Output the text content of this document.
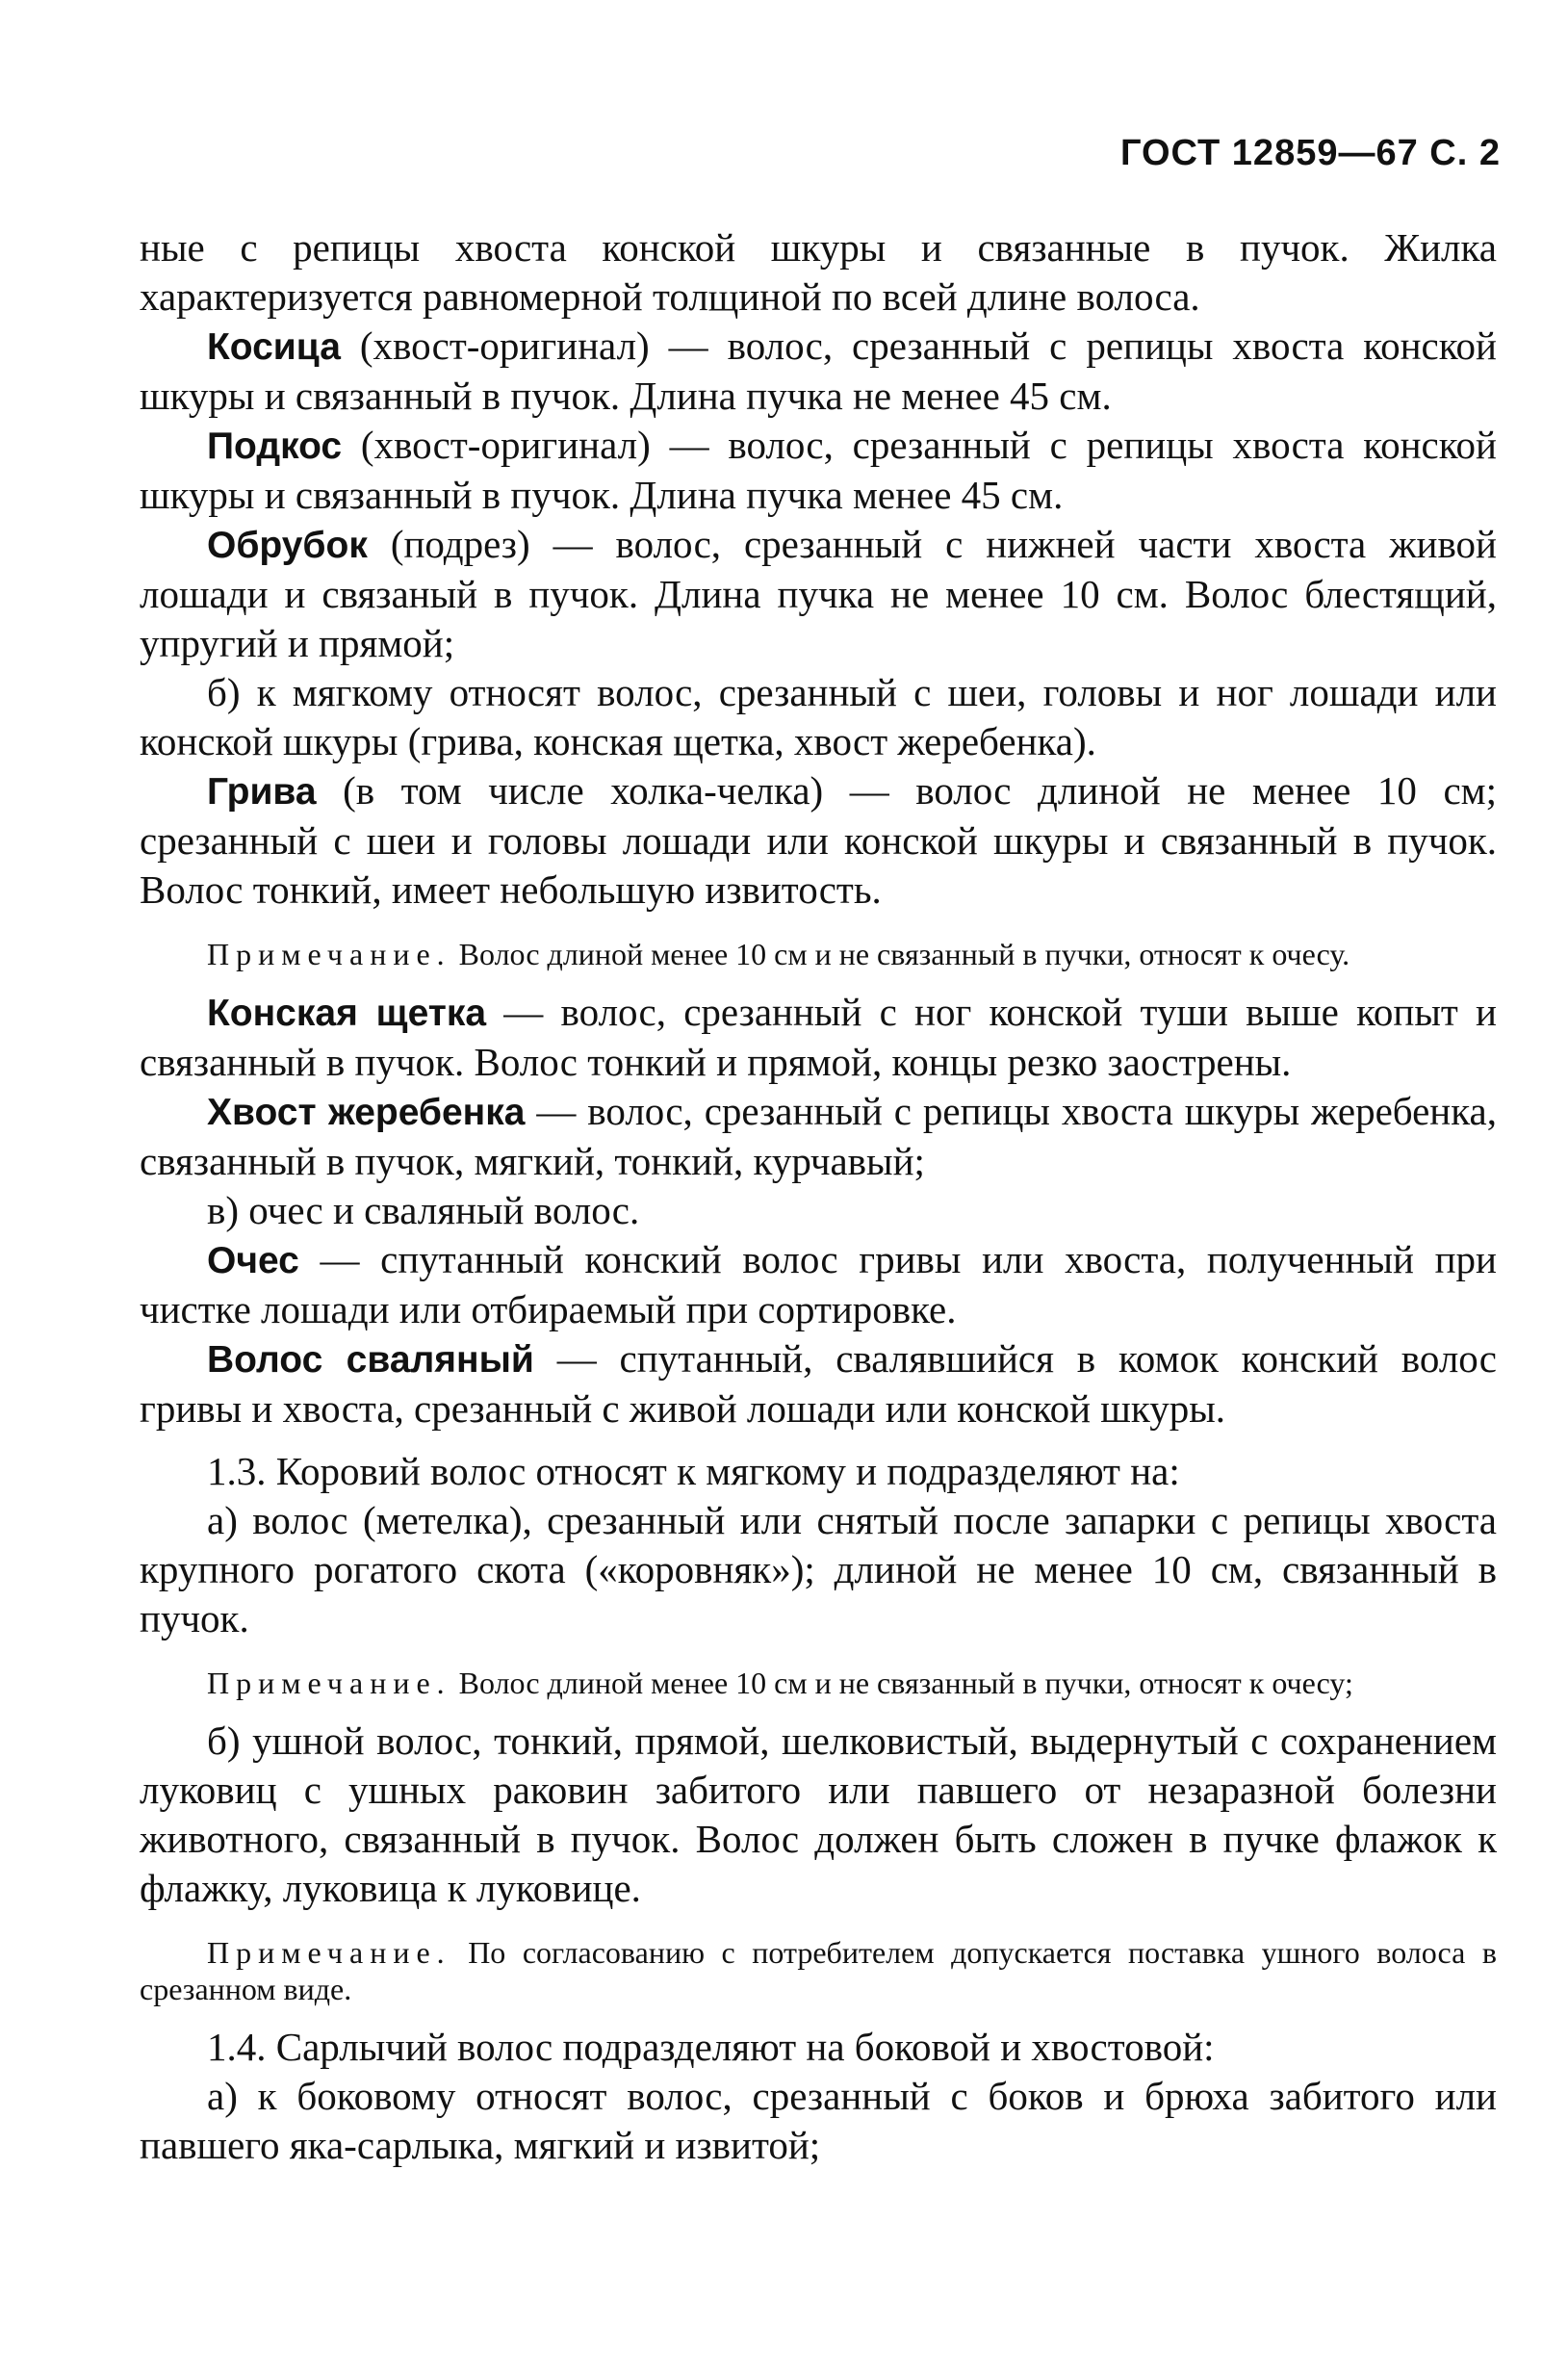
ГОСТ 12859—67 С. 2

ные с репицы хвоста конской шкуры и связанные в пучок. Жилка характеризуется равномерной толщиной по всей длине волоса.

Косица (хвост-оригинал) — волос, срезанный с репицы хвоста конской шкуры и связанный в пучок. Длина пучка не менее 45 см.

Подкос (хвост-оригинал) — волос, срезанный с репицы хвоста конской шкуры и связанный в пучок. Длина пучка менее 45 см.

Обрубок (подрез) — волос, срезанный с нижней части хвоста живой лошади и связаный в пучок. Длина пучка не менее 10 см. Волос блестящий, упругий и прямой;

б) к мягкому относят волос, срезанный с шеи, головы и ног лошади или конской шкуры (грива, конская щетка, хвост жеребенка).

Грива (в том числе холка-челка) — волос длиной не менее 10 см; срезанный с шеи и головы лошади или конской шкуры и связанный в пучок. Волос тонкий, имеет небольшую извитость.

Примечание. Волос длиной менее 10 см и не связанный в пучки, относят к очесу.

Конская щетка — волос, срезанный с ног конской туши выше копыт и связанный в пучок. Волос тонкий и прямой, концы резко заострены.

Хвост жеребенка — волос, срезанный с репицы хвоста шкуры жеребенка, связанный в пучок, мягкий, тонкий, курчавый;

в) очес и сваляный волос.

Очес — спутанный конский волос гривы или хвоста, полученный при чистке лошади или отбираемый при сортировке.

Волос сваляный — спутанный, свалявшийся в комок конский волос гривы и хвоста, срезанный с живой лошади или конской шкуры.

1.3. Коровий волос относят к мягкому и подразделяют на:

а) волос (метелка), срезанный или снятый после запарки с репицы хвоста крупного рогатого скота («коровняк»); длиной не менее 10 см, связанный в пучок.

Примечание. Волос длиной менее 10 см и не связанный в пучки, относят к очесу;

б) ушной волос, тонкий, прямой, шелковистый, выдернутый с сохранением луковиц с ушных раковин забитого или павшего от незаразной болезни животного, связанный в пучок. Волос должен быть сложен в пучке флажок к флажку, луковица к луковице.

Примечание. По согласованию с потребителем допускается поставка ушного волоса в срезанном виде.

1.4. Сарлычий волос подразделяют на боковой и хвостовой:

а) к боковому относят волос, срезанный с боков и брюха забитого или павшего яка-сарлыка, мягкий и извитой;
